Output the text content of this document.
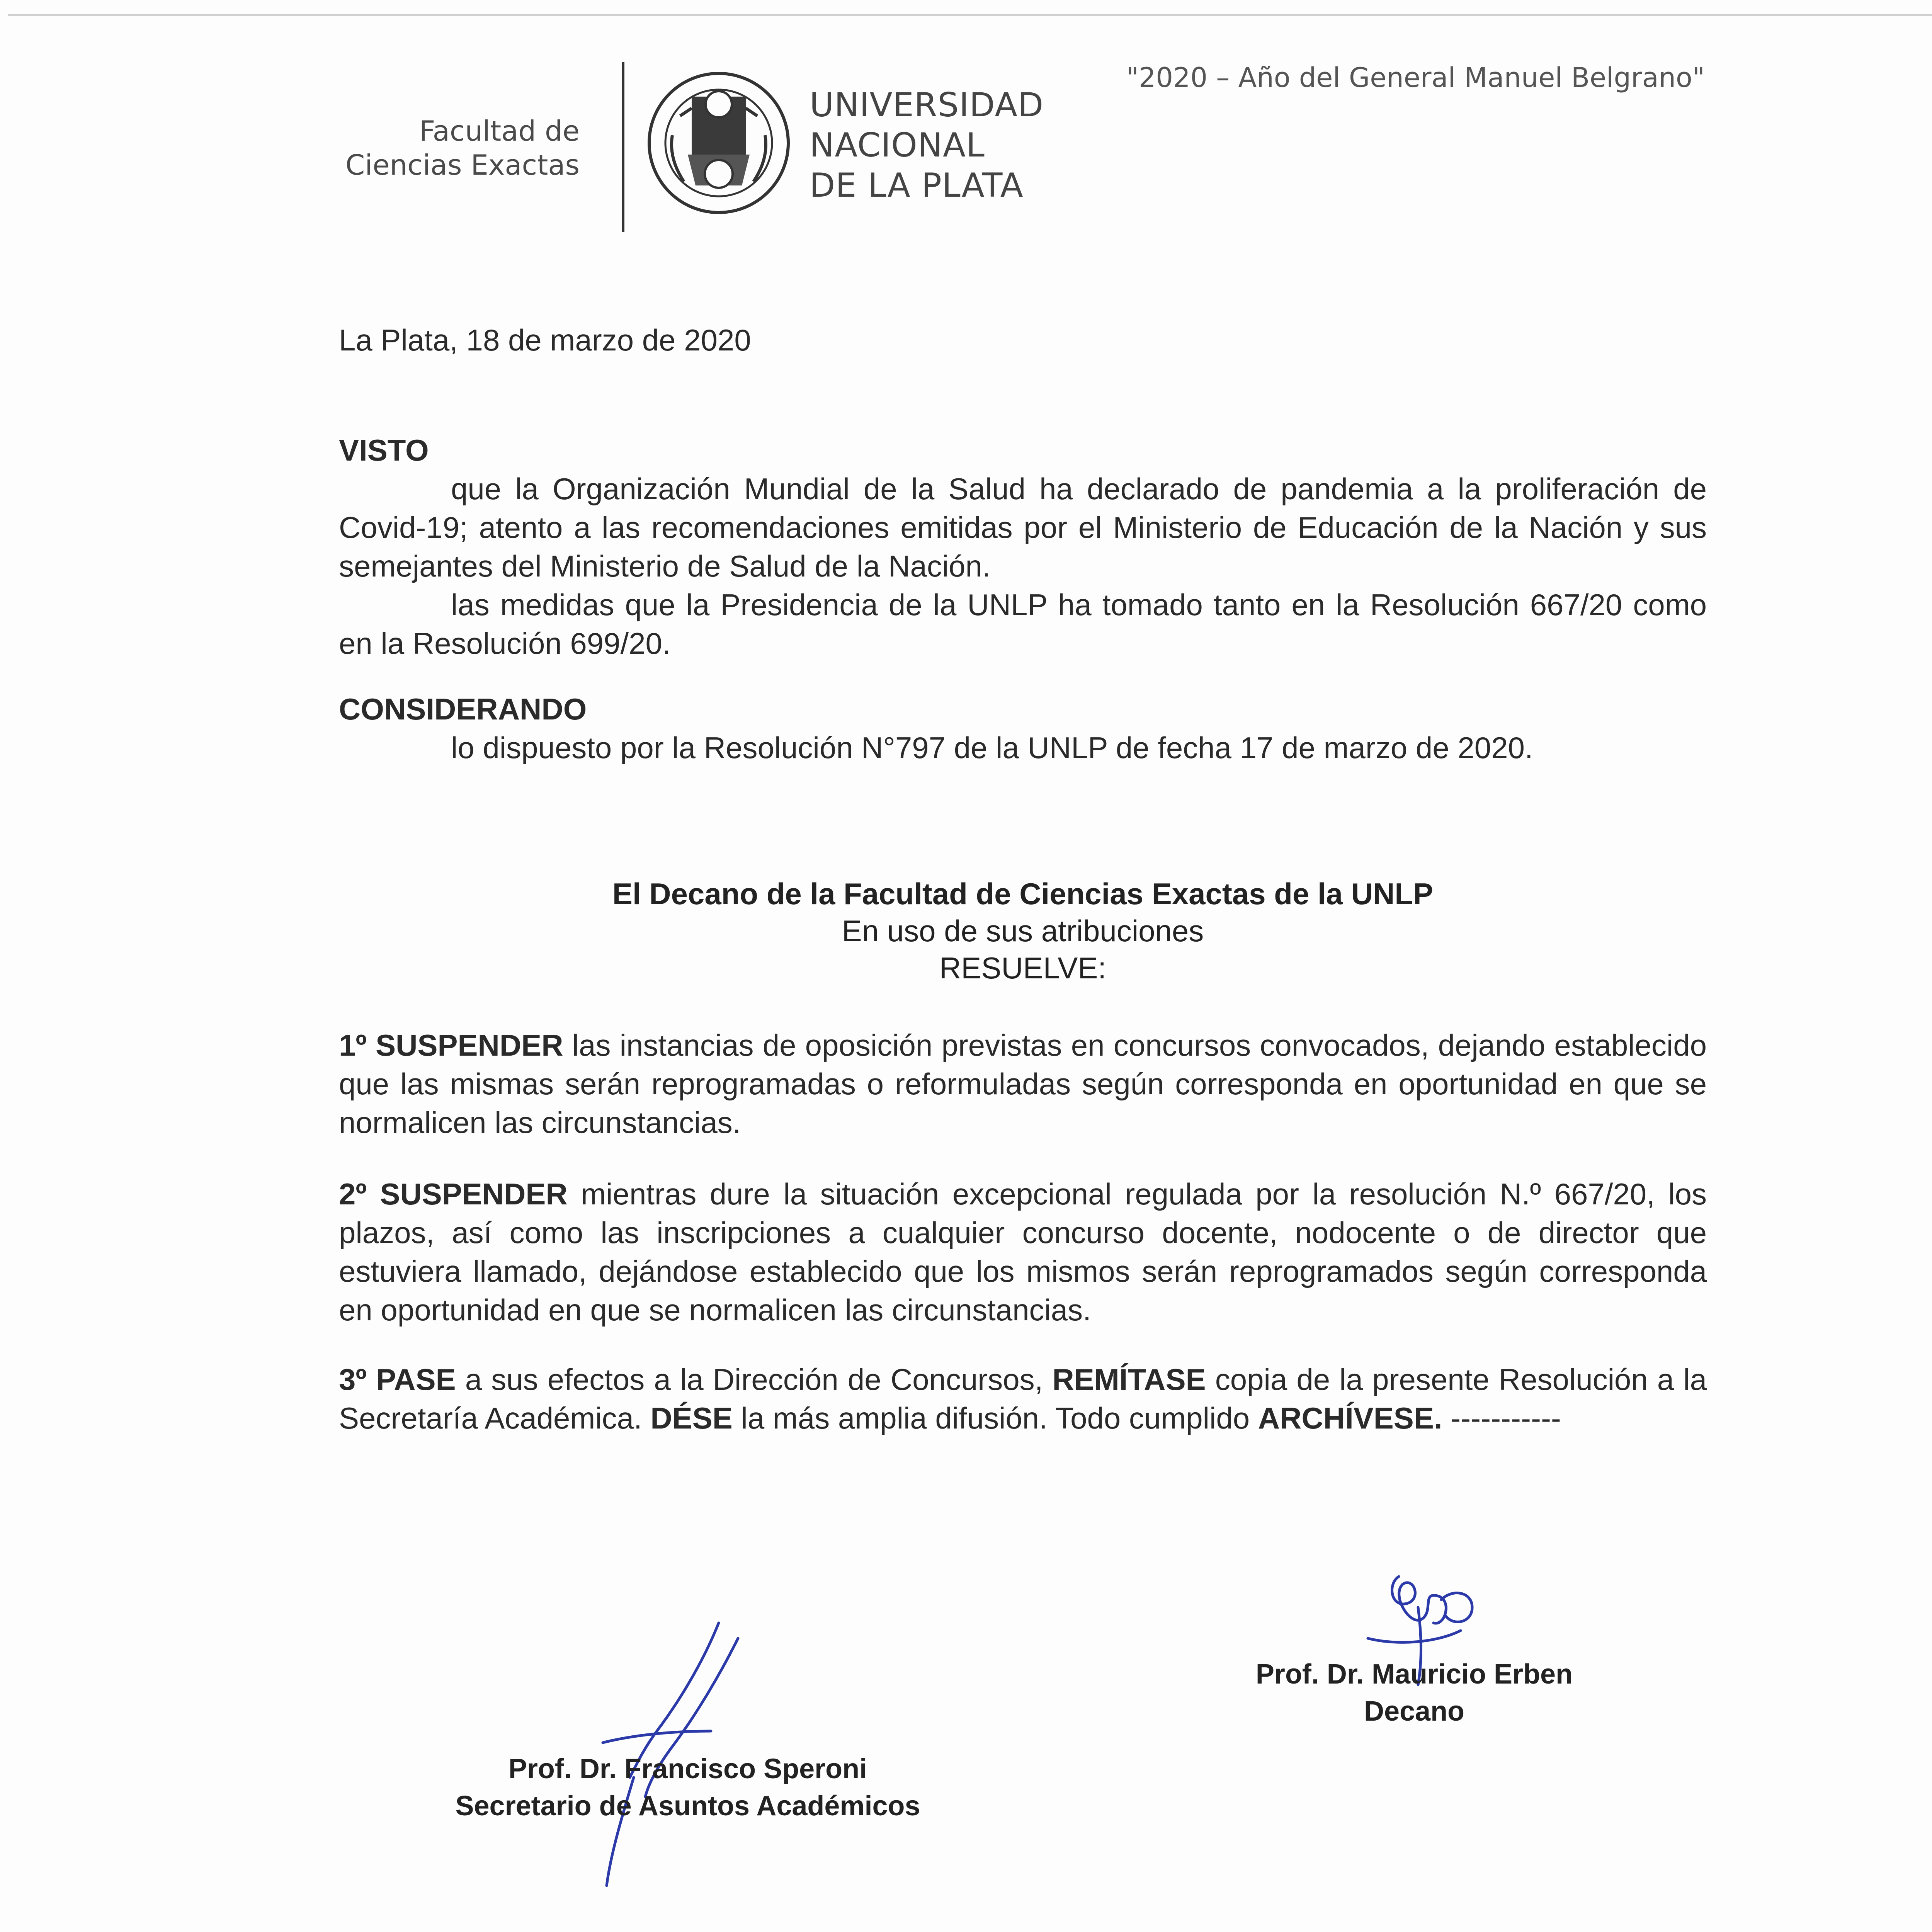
Facultad de
Ciencias Exactas
UNIVERSIDAD
NACIONAL
DE LA PLATA
"2020 – Año del General Manuel Belgrano"
La Plata, 18 de marzo de 2020
VISTO

que la Organización Mundial de la Salud ha declarado de pandemia a la proliferación de Covid-19; atento a las recomendaciones emitidas por el Ministerio de Educación de la Nación y sus semejantes del Ministerio de Salud de la Nación.

las medidas que la Presidencia de la UNLP ha tomado tanto en la Resolución 667/20 como en la Resolución 699/20.

CONSIDERANDO

lo dispuesto por la Resolución N°797 de la UNLP de fecha 17 de marzo de 2020.

El Decano de la Facultad de Ciencias Exactas de la UNLP
En uso de sus atribuciones
RESUELVE:

1º SUSPENDER las instancias de oposición previstas en concursos convocados, dejando establecido que las mismas serán reprogramadas o reformuladas según corresponda en oportunidad en que se normalicen las circunstancias.

2º SUSPENDER mientras dure la situación excepcional regulada por la resolución N.º 667/20, los plazos, así como las inscripciones a cualquier concurso docente, nodocente o de director que estuviera llamado, dejándose establecido que los mismos serán reprogramados según corresponda en oportunidad en que se normalicen las circunstancias.

3º PASE a sus efectos a la Dirección de Concursos, REMÍTASE copia de la presente Resolución a la Secretaría Académica. DÉSE la más amplia difusión. Todo cumplido ARCHÍVESE. -----------

Prof. Dr. Francisco Speroni
Secretario de Asuntos Académicos
Prof. Dr. Mauricio Erben
Decano
